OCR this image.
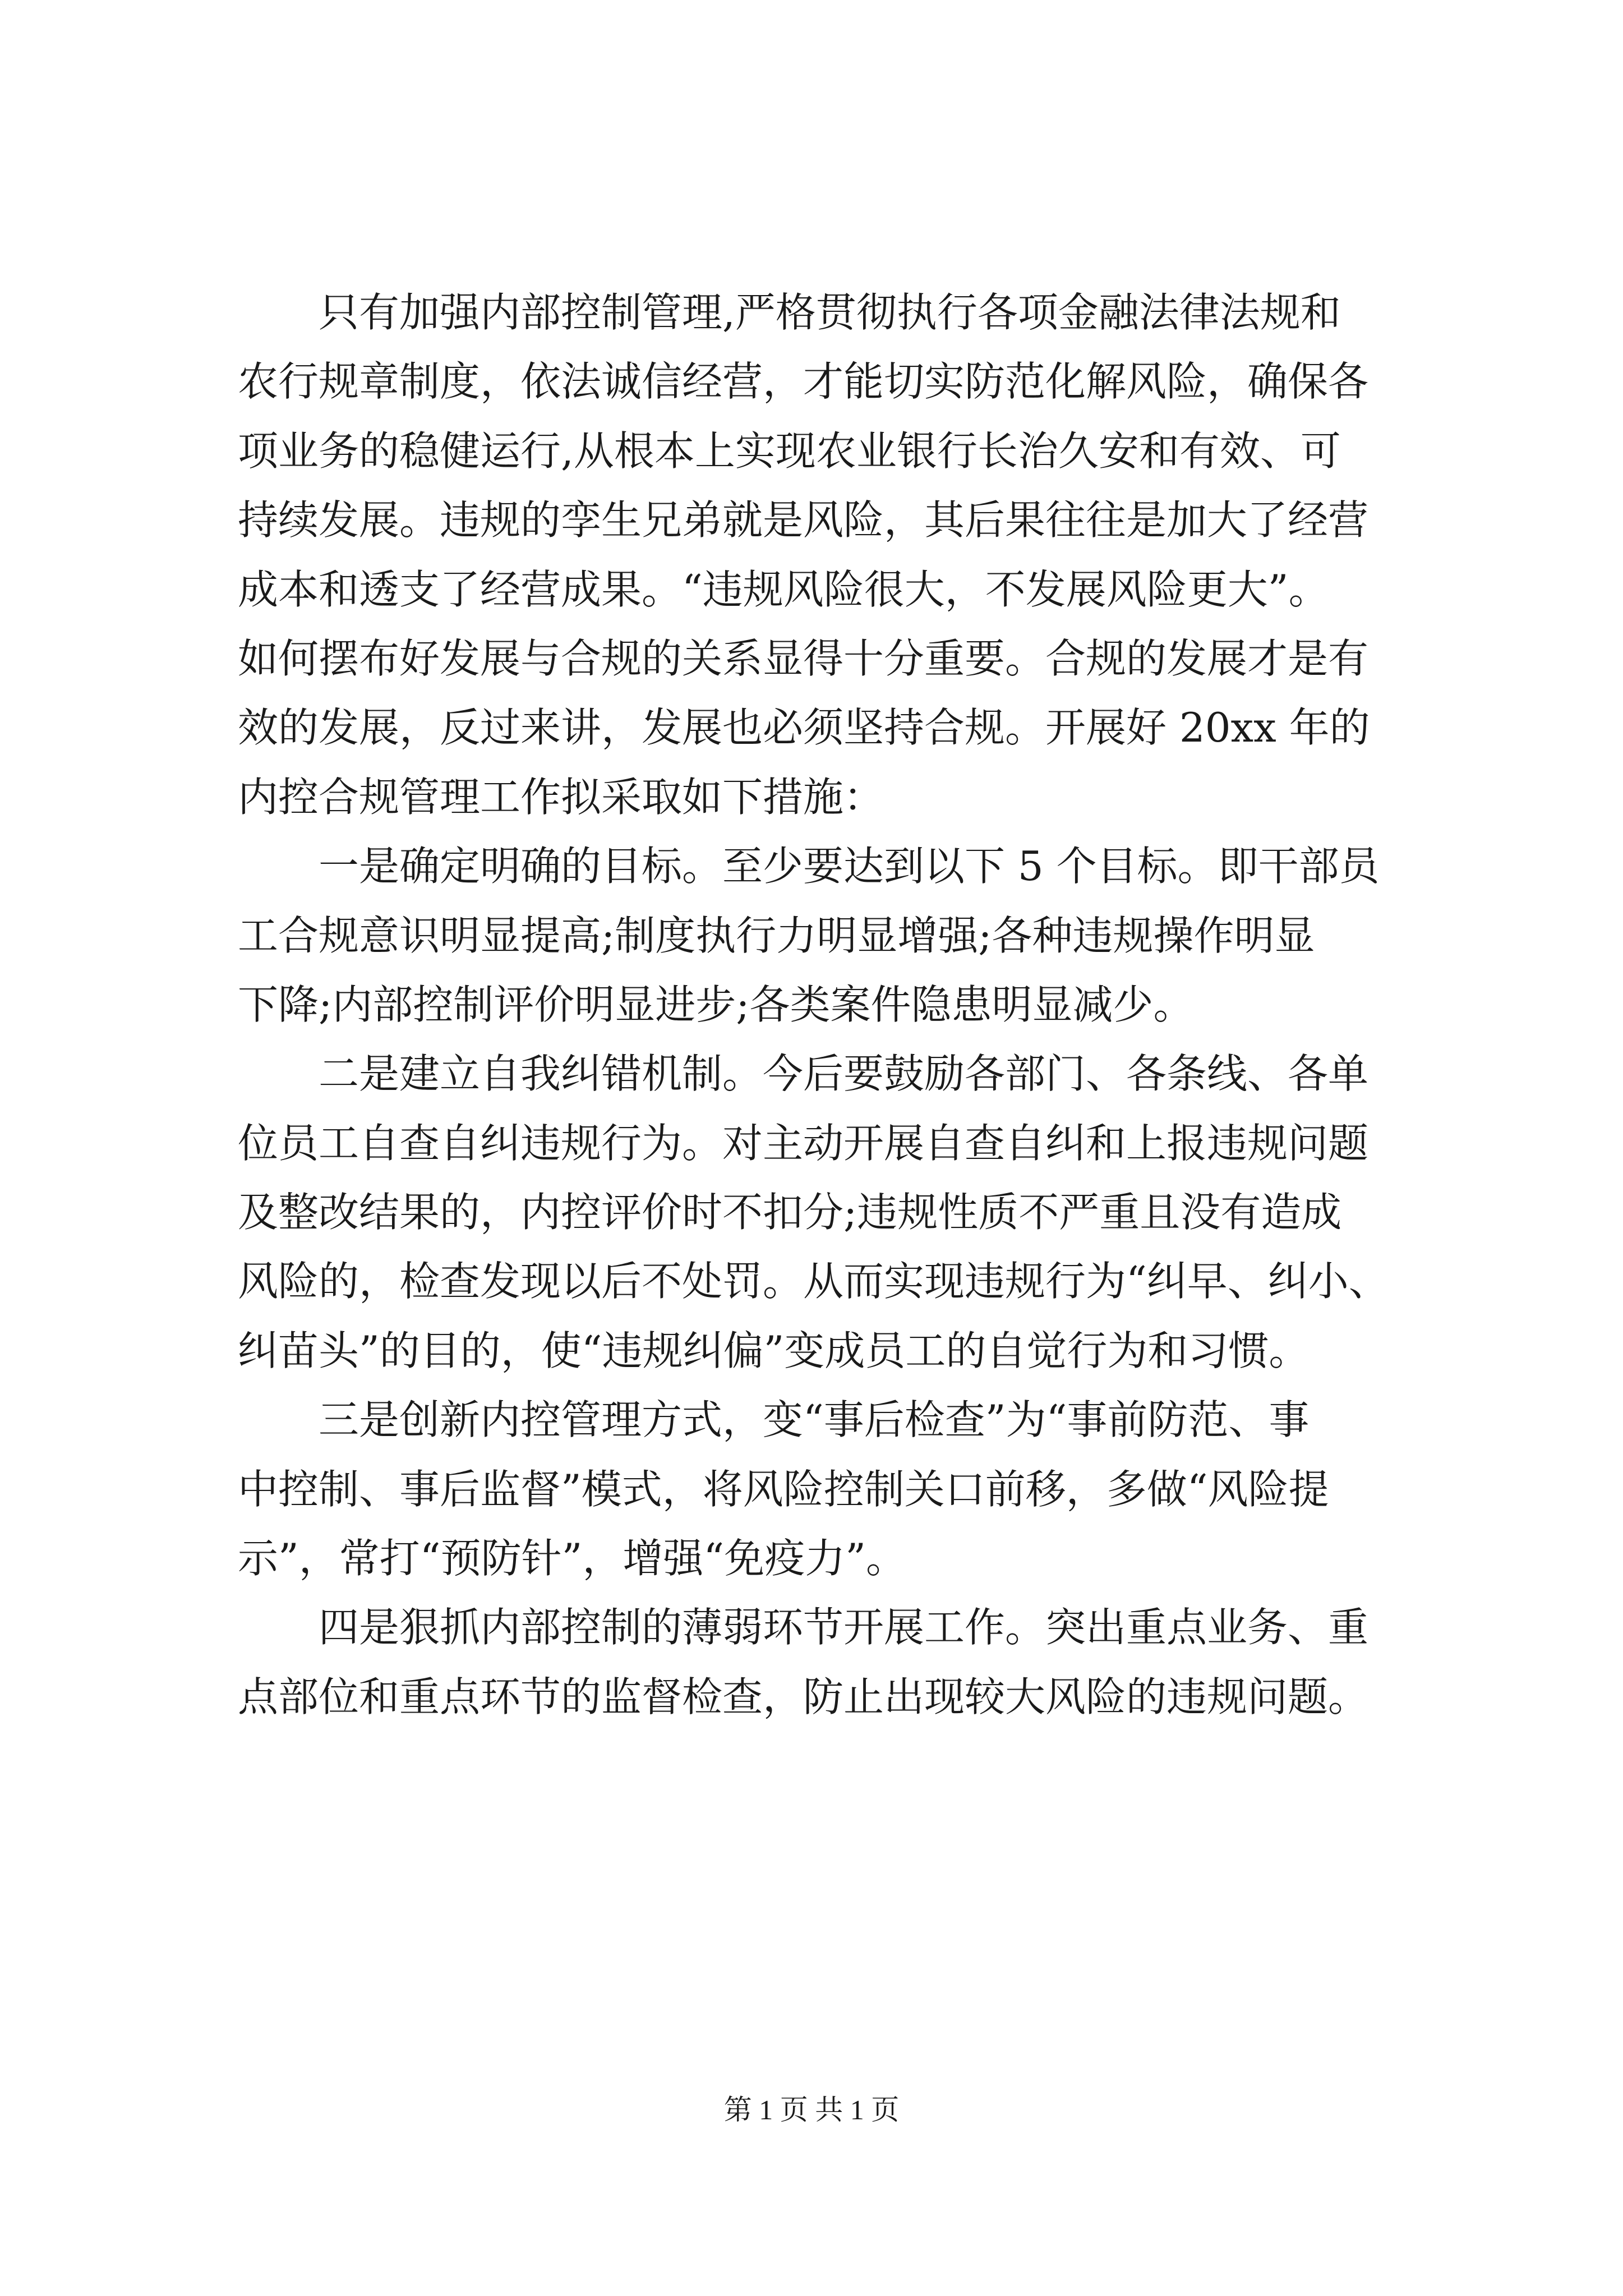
　　只有加强内部控制管理,严格贯彻执行各项金融法律法规和
农行规章制度，依法诚信经营，才能切实防范化解风险，确保各
项业务的稳健运行,从根本上实现农业银行长治久安和有效、可
持续发展。违规的孪生兄弟就是风险，其后果往往是加大了经营
成本和透支了经营成果。“违规风险很大，不发展风险更大”。
如何摆布好发展与合规的关系显得十分重要。合规的发展才是有
效的发展，反过来讲，发展也必须坚持合规。开展好 20xx 年的
内控合规管理工作拟采取如下措施：
　　一是确定明确的目标。至少要达到以下 5 个目标。即干部员
工合规意识明显提高;制度执行力明显增强;各种违规操作明显
下降;内部控制评价明显进步;各类案件隐患明显减少。
　　二是建立自我纠错机制。今后要鼓励各部门、各条线、各单
位员工自查自纠违规行为。对主动开展自查自纠和上报违规问题
及整改结果的，内控评价时不扣分;违规性质不严重且没有造成
风险的，检查发现以后不处罚。从而实现违规行为“纠早、纠小、
纠苗头”的目的，使“违规纠偏”变成员工的自觉行为和习惯。
　　三是创新内控管理方式，变“事后检查”为“事前防范、事
中控制、事后监督”模式，将风险控制关口前移，多做“风险提
示”，常打“预防针”，增强“免疫力”。
　　四是狠抓内部控制的薄弱环节开展工作。突出重点业务、重
点部位和重点环节的监督检查，防止出现较大风险的违规问题。
第 1 页 共 1 页
